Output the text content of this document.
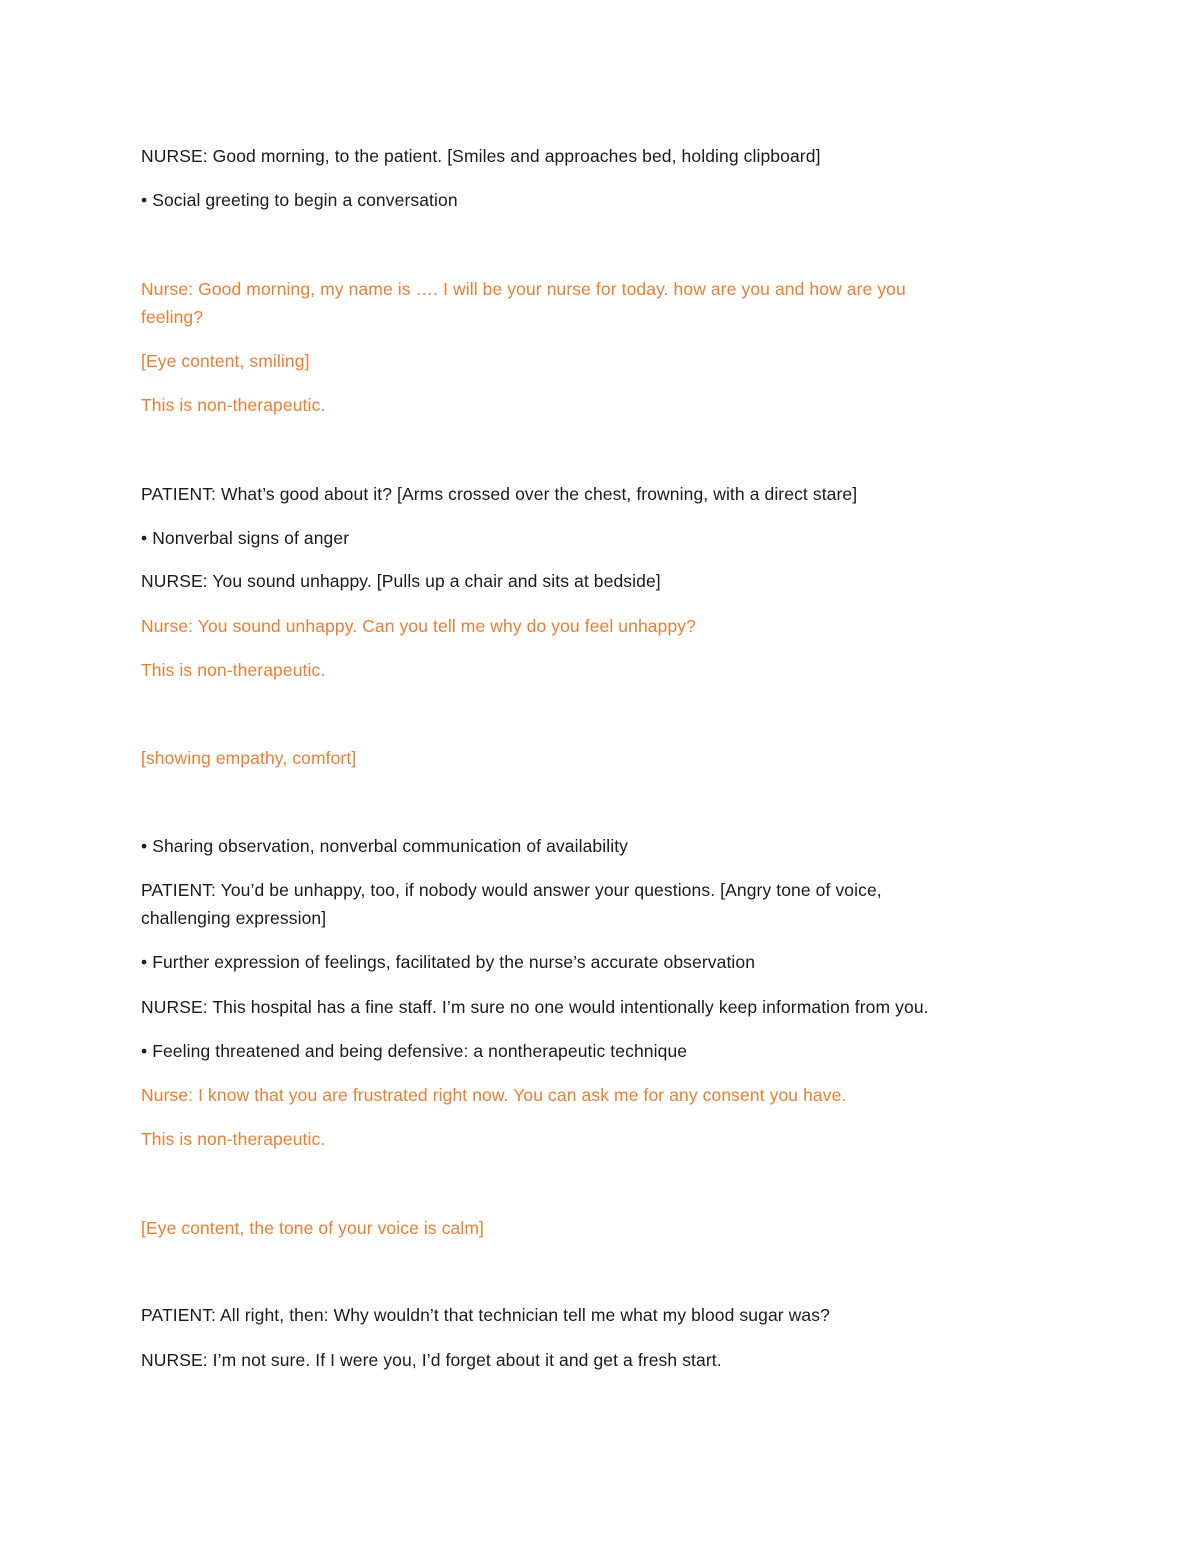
NURSE: Good morning, to the patient. [Smiles and approaches bed, holding clipboard]
• Social greeting to begin a conversation
Nurse: Good morning, my name is …. I will be your nurse for today. how are you and how are you
feeling?
[Eye content, smiling]
This is non-therapeutic.
PATIENT: What’s good about it? [Arms crossed over the chest, frowning, with a direct stare]
• Nonverbal signs of anger
NURSE: You sound unhappy. [Pulls up a chair and sits at bedside]
Nurse: You sound unhappy. Can you tell me why do you feel unhappy?
This is non-therapeutic.
[showing empathy, comfort]
• Sharing observation, nonverbal communication of availability
PATIENT: You’d be unhappy, too, if nobody would answer your questions. [Angry tone of voice,
challenging expression]
• Further expression of feelings, facilitated by the nurse’s accurate observation
NURSE: This hospital has a fine staff. I’m sure no one would intentionally keep information from you.
• Feeling threatened and being defensive: a nontherapeutic technique
Nurse: I know that you are frustrated right now. You can ask me for any consent you have.
This is non-therapeutic.
[Eye content, the tone of your voice is calm]
PATIENT: All right, then: Why wouldn’t that technician tell me what my blood sugar was?
NURSE: I’m not sure. If I were you, I’d forget about it and get a fresh start.
